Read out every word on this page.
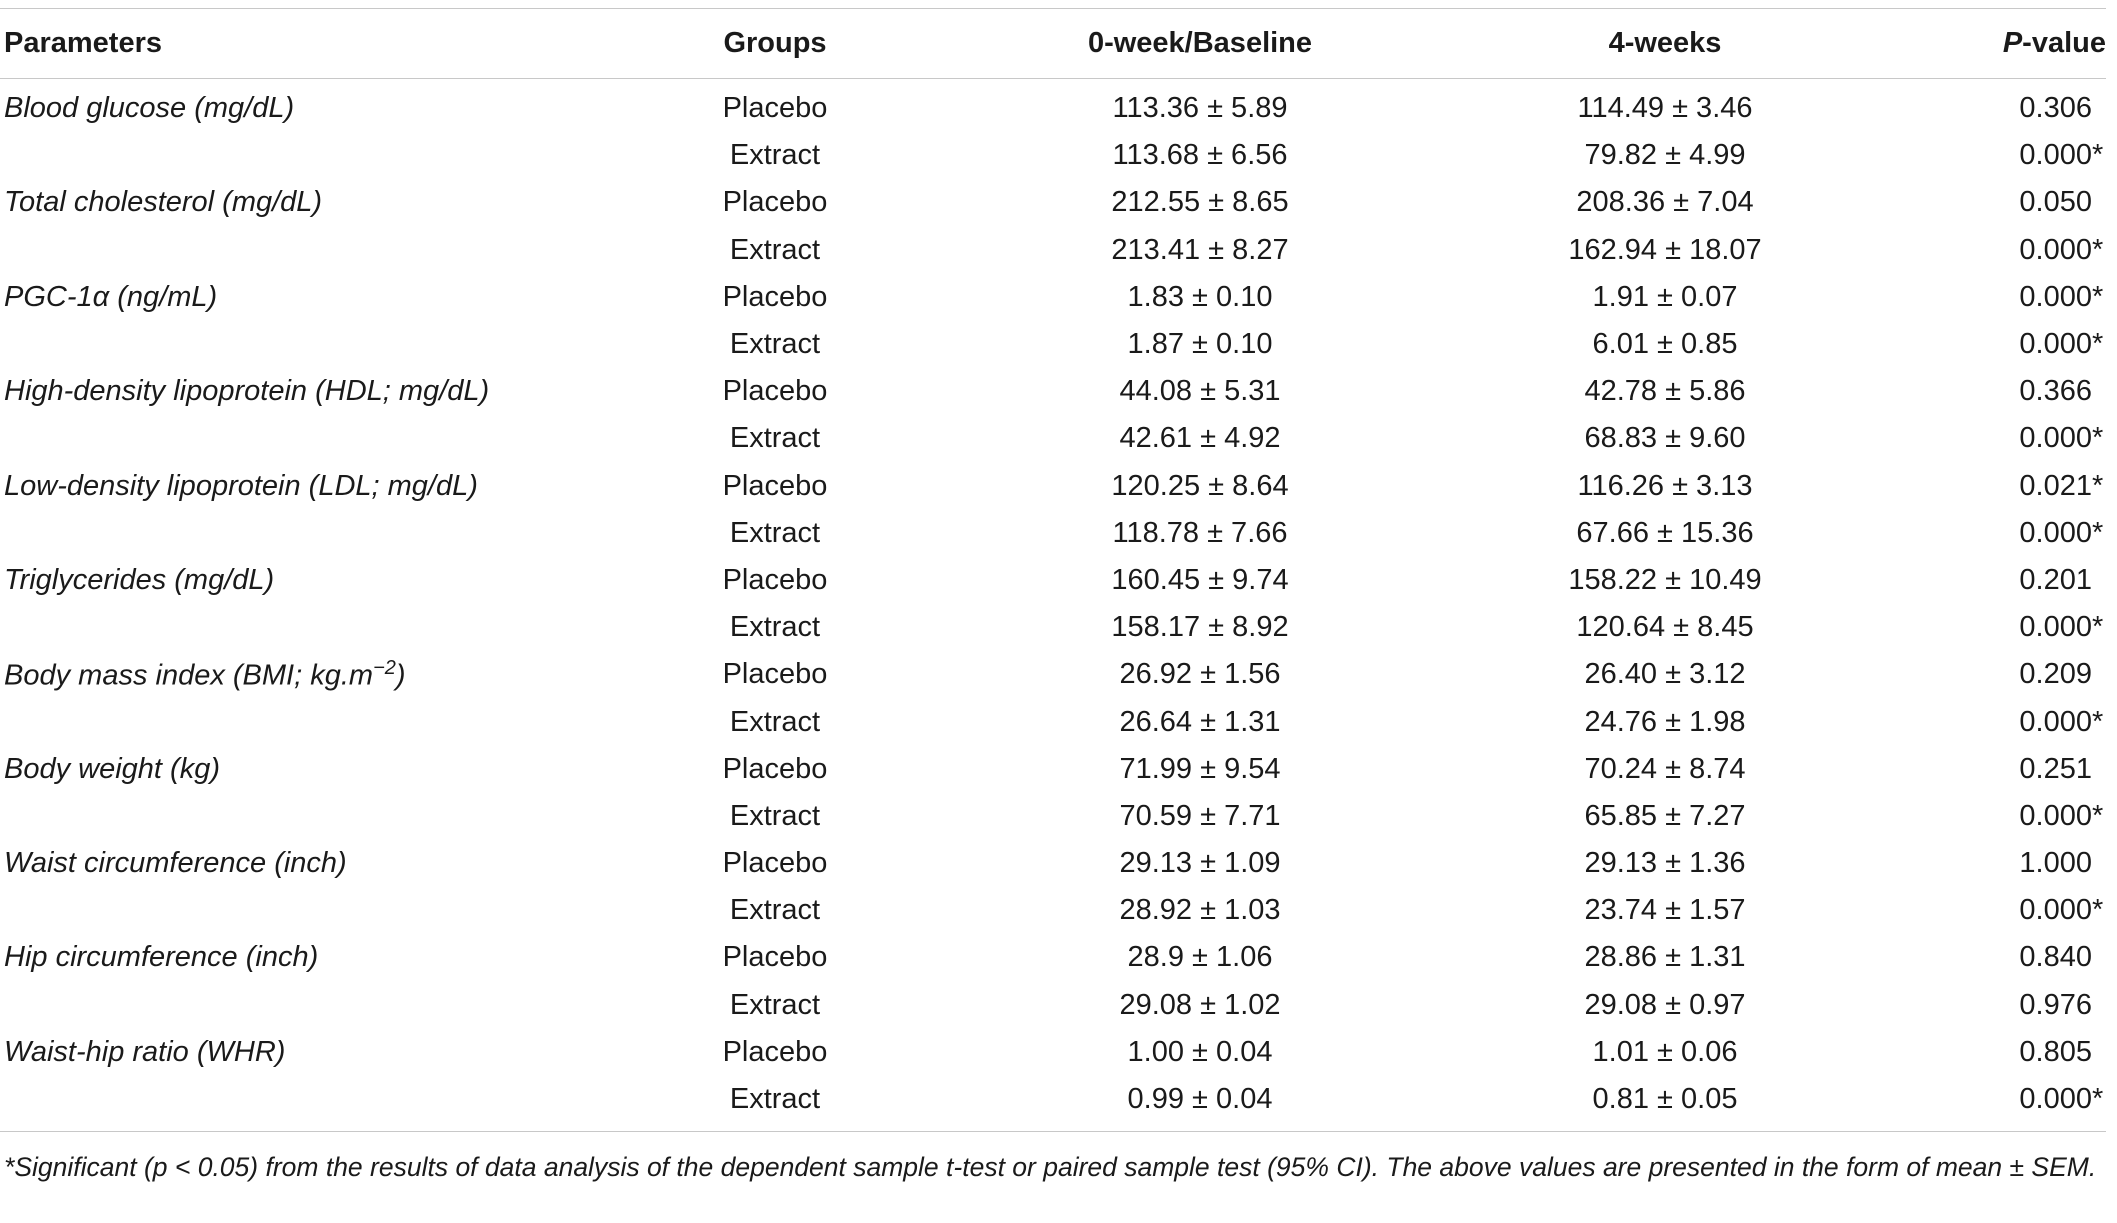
Parameters	Groups	0-week/Baseline	4-weeks	P-value
Blood glucose (mg/dL)	Placebo	113.36 ± 5.89	114.49 ± 3.46	0.306
	Extract	113.68 ± 6.56	79.82 ± 4.99	0.000*
Total cholesterol (mg/dL)	Placebo	212.55 ± 8.65	208.36 ± 7.04	0.050
	Extract	213.41 ± 8.27	162.94 ± 18.07	0.000*
PGC-1α (ng/mL)	Placebo	1.83 ± 0.10	1.91 ± 0.07	0.000*
	Extract	1.87 ± 0.10	6.01 ± 0.85	0.000*
High-density lipoprotein (HDL; mg/dL)	Placebo	44.08 ± 5.31	42.78 ± 5.86	0.366
	Extract	42.61 ± 4.92	68.83 ± 9.60	0.000*
Low-density lipoprotein (LDL; mg/dL)	Placebo	120.25 ± 8.64	116.26 ± 3.13	0.021*
	Extract	118.78 ± 7.66	67.66 ± 15.36	0.000*
Triglycerides (mg/dL)	Placebo	160.45 ± 9.74	158.22 ± 10.49	0.201
	Extract	158.17 ± 8.92	120.64 ± 8.45	0.000*
Body mass index (BMI; $kg.m^{-2}$)	Placebo	26.92 ± 1.56	26.40 ± 3.12	0.209
	Extract	26.64 ± 1.31	24.76 ± 1.98	0.000*
Body weight (kg)	Placebo	71.99 ± 9.54	70.24 ± 8.74	0.251
	Extract	70.59 ± 7.71	65.85 ± 7.27	0.000*
Waist circumference (inch)	Placebo	29.13 ± 1.09	29.13 ± 1.36	1.000
	Extract	28.92 ± 1.03	23.74 ± 1.57	0.000*
Hip circumference (inch)	Placebo	28.9 ± 1.06	28.86 ± 1.31	0.840
	Extract	29.08 ± 1.02	29.08 ± 0.97	0.976
Waist-hip ratio (WHR)	Placebo	1.00 ± 0.04	1.01 ± 0.06	0.805
	Extract	0.99 ± 0.04	0.81 ± 0.05	0.000*
*Significant (p < 0.05) from the results of data analysis of the dependent sample t-test or paired sample test (95% CI). The above values are presented in the form of mean ± SEM.
